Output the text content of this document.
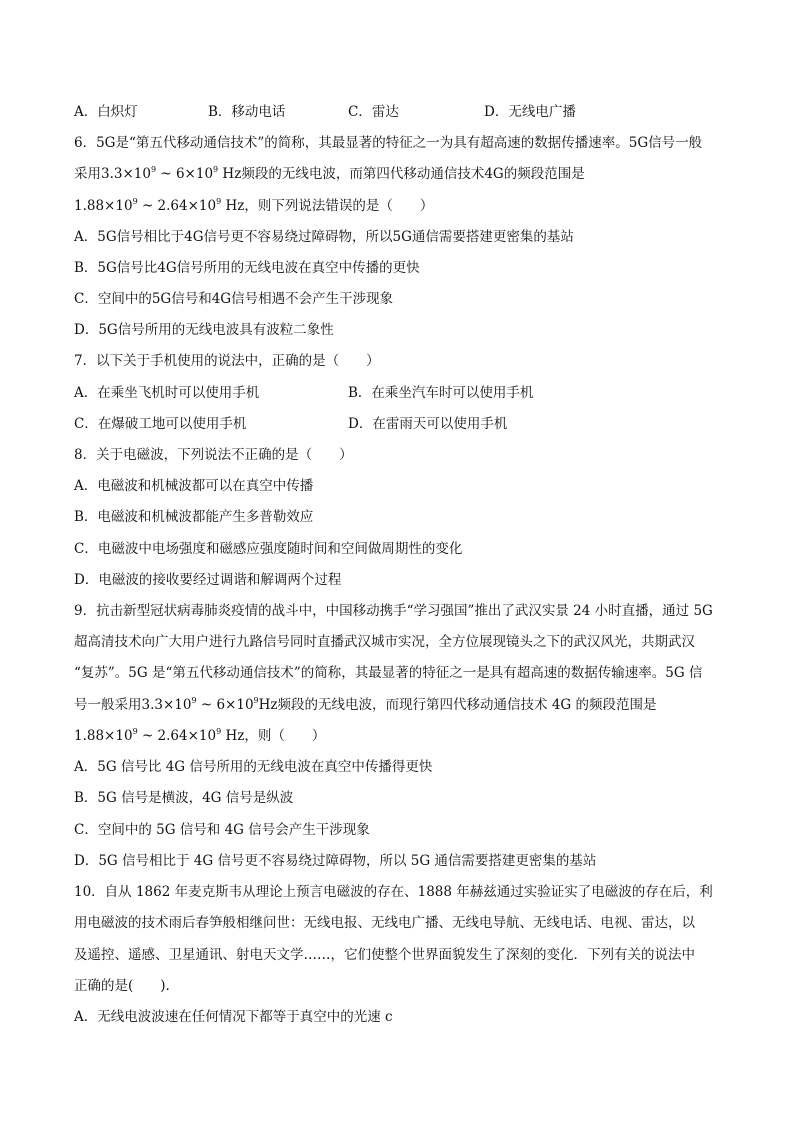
A．白炽灯	B．移动电话	C．雷达	D．无线电广播
6．5G是“第五代移动通信技术”的简称，其最显著的特征之一为具有超高速的数据传播速率。5G信号一般
采用$3.3\times 10^9$ ~ $6\times 10^9$ Hz频段的无线电波，而第四代移动通信技术4G的频段范围是
$1.88\times 10^9$ ~ $2.64\times 10^9$ Hz，则下列说法错误的是（　　）
A．5G信号相比于4G信号更不容易绕过障碍物，所以5G通信需要搭建更密集的基站
B．5G信号比4G信号所用的无线电波在真空中传播的更快
C．空间中的5G信号和4G信号相遇不会产生干涉现象
D．5G信号所用的无线电波具有波粒二象性
7．以下关于手机使用的说法中，正确的是（　　）
A．在乘坐飞机时可以使用手机	B．在乘坐汽车时可以使用手机
C．在爆破工地可以使用手机	D．在雷雨天可以使用手机
8．关于电磁波，下列说法不正确的是（　　）
A．电磁波和机械波都可以在真空中传播
B．电磁波和机械波都能产生多普勒效应
C．电磁波中电场强度和磁感应强度随时间和空间做周期性的变化
D．电磁波的接收要经过调谐和解调两个过程
9．抗击新型冠状病毒肺炎疫情的战斗中，中国移动携手“学习强国”推出了武汉实景 24 小时直播，通过 5G
超高清技术向广大用户进行九路信号同时直播武汉城市实况，全方位展现镜头之下的武汉风光，共期武汉
“复苏”。5G 是“第五代移动通信技术”的简称，其最显著的特征之一是具有超高速的数据传输速率。5G 信
号一般采用$3.3\times 10^9$ ~ $6\times 10^9Hz$频段的无线电波，而现行第四代移动通信技术 4G 的频段范围是
$1.88\times 10^9$ ~ $2.64\times 10^9$ Hz，则（　　）
A．5G 信号比 4G 信号所用的无线电波在真空中传播得更快
B．5G 信号是横波，4G 信号是纵波
C．空间中的 5G 信号和 4G 信号会产生干涉现象
D．5G 信号相比于 4G 信号更不容易绕过障碍物，所以 5G 通信需要搭建更密集的基站
10．自从 1862 年麦克斯韦从理论上预言电磁波的存在、1888 年赫兹通过实验证实了电磁波的存在后，利
用电磁波的技术雨后春笋般相继问世：无线电报、无线电广播、无线电导航、无线电话、电视、雷达，以
及遥控、遥感、卫星通讯、射电天文学……，它们使整个世界面貌发生了深刻的变化．下列有关的说法中
正确的是(　　).
A．无线电波波速在任何情况下都等于真空中的光速 c
